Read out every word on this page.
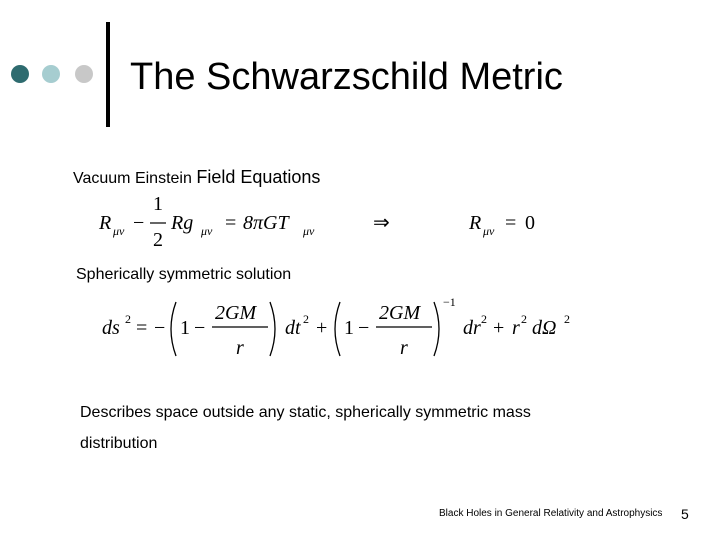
The Schwarzschild Metric
Vacuum Einstein Field Equations
R μν −
1
2
Rg μν = 8πGT μν	⇒	R μν = 0
Spherically symmetric solution
ds 2 = − 1 −
2GM
r
dt 2 + 1 −
2GM
r
−1
dr 2 + r 2 dΩ 2
Describes space outside any static, spherically symmetric mass distribution
Black Holes in General Relativity and Astrophysics 5
